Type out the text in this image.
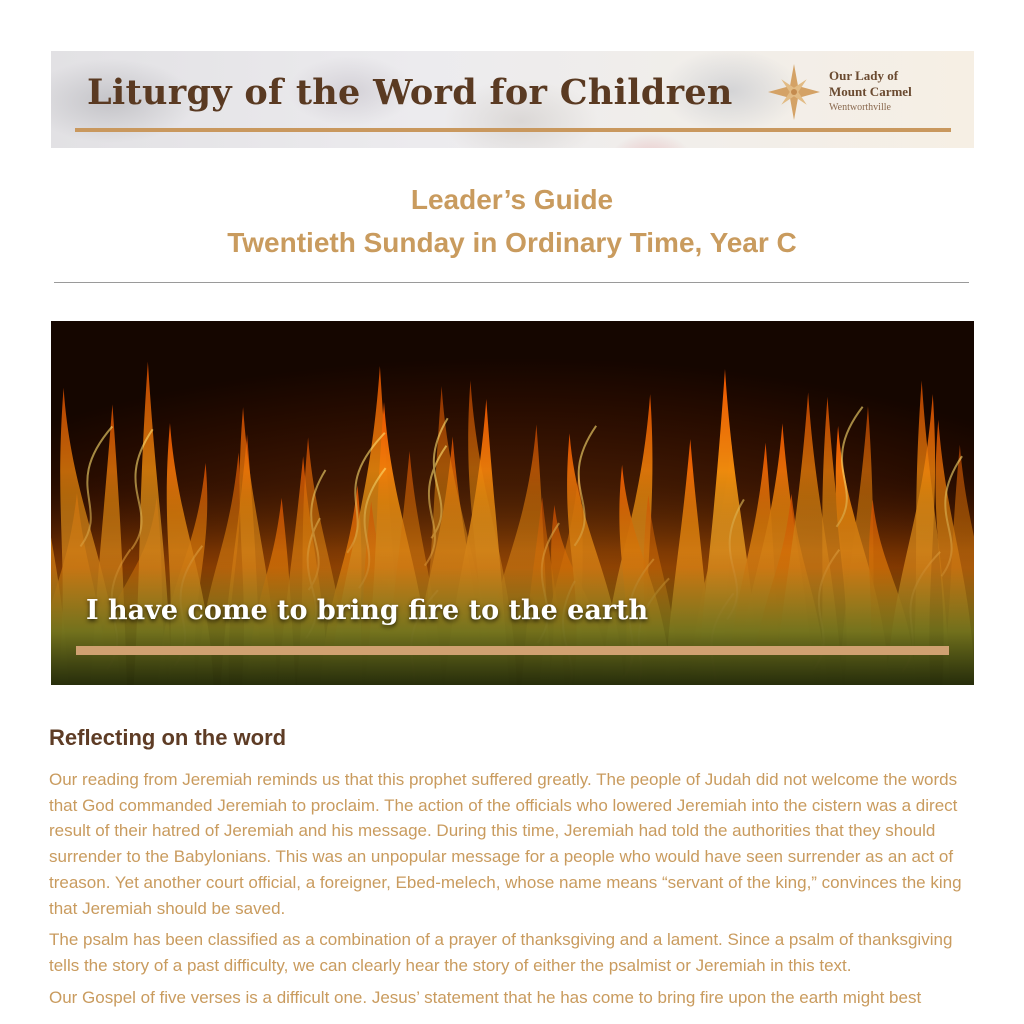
Liturgy of the Word for Children	Our Lady of
Mount Carmel
Wentworthville
Leader’s Guide
Twentieth Sunday in Ordinary Time, Year C
I have come to bring fire to the earth
Reflecting on the word

Our reading from Jeremiah reminds us that this prophet suffered greatly. The people of Judah did not welcome the words that God commanded Jeremiah to proclaim. The action of the officials who lowered Jeremiah into the cistern was a direct result of their hatred of Jeremiah and his message. During this time, Jeremiah had told the authorities that they should surrender to the Babylonians. This was an unpopular message for a people who would have seen surrender as an act of treason. Yet another court official, a foreigner, Ebed-melech, whose name means “servant of the king,” convinces the king that Jeremiah should be saved.

The psalm has been classified as a combination of a prayer of thanksgiving and a lament. Since a psalm of thanksgiving tells the story of a past difficulty, we can clearly hear the story of either the psalmist or Jeremiah in this text.

Our Gospel of five verses is a difficult one. Jesus’ statement that he has come to bring fire upon the earth might best
